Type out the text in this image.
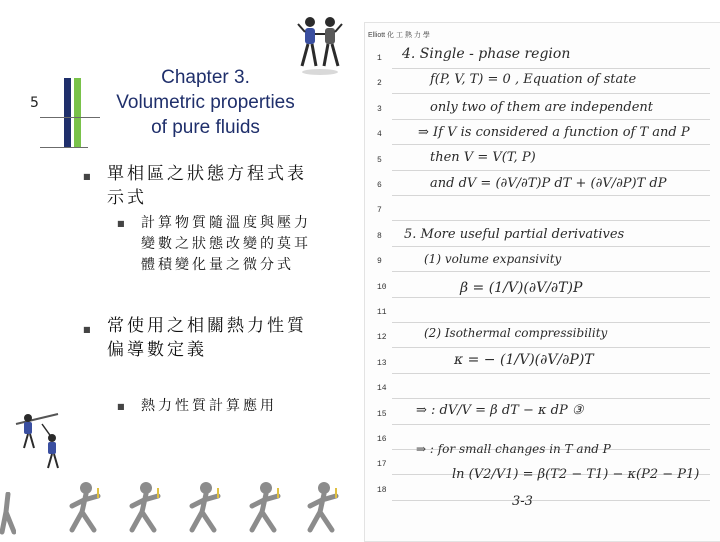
5
Chapter 3.
Volumetric properties
of pure fluids
■ 單相區之狀態方程式表
示式
■ 計算物質隨溫度與壓力
變數之狀態改變的莫耳
體積變化量之微分式
■ 常使用之相關熱力性質
偏導數定義
■ 熱力性質計算應用
Elliott 化 工 熱 力 學
1
2
3
4
5
6
7
8
9
10
11
12
13
14
15
16
17
18
4. Single - phase region
f(P, V, T) = 0 , Equation of state
only two of them are independent
⇒ If V is considered a function of T and P
then V = V(T, P)
and dV = (∂V/∂T)P dT + (∂V/∂P)T dP
5. More useful partial derivatives
(1) volume expansivity
β = (1/V)(∂V/∂T)P
(2) Isothermal compressibility
κ = − (1/V)(∂V/∂P)T
⇒ : dV/V = β dT − κ dP ③
⇒ : for small changes in T and P
ln (V2/V1) = β(T2 − T1) − κ(P2 − P1)
3-3
